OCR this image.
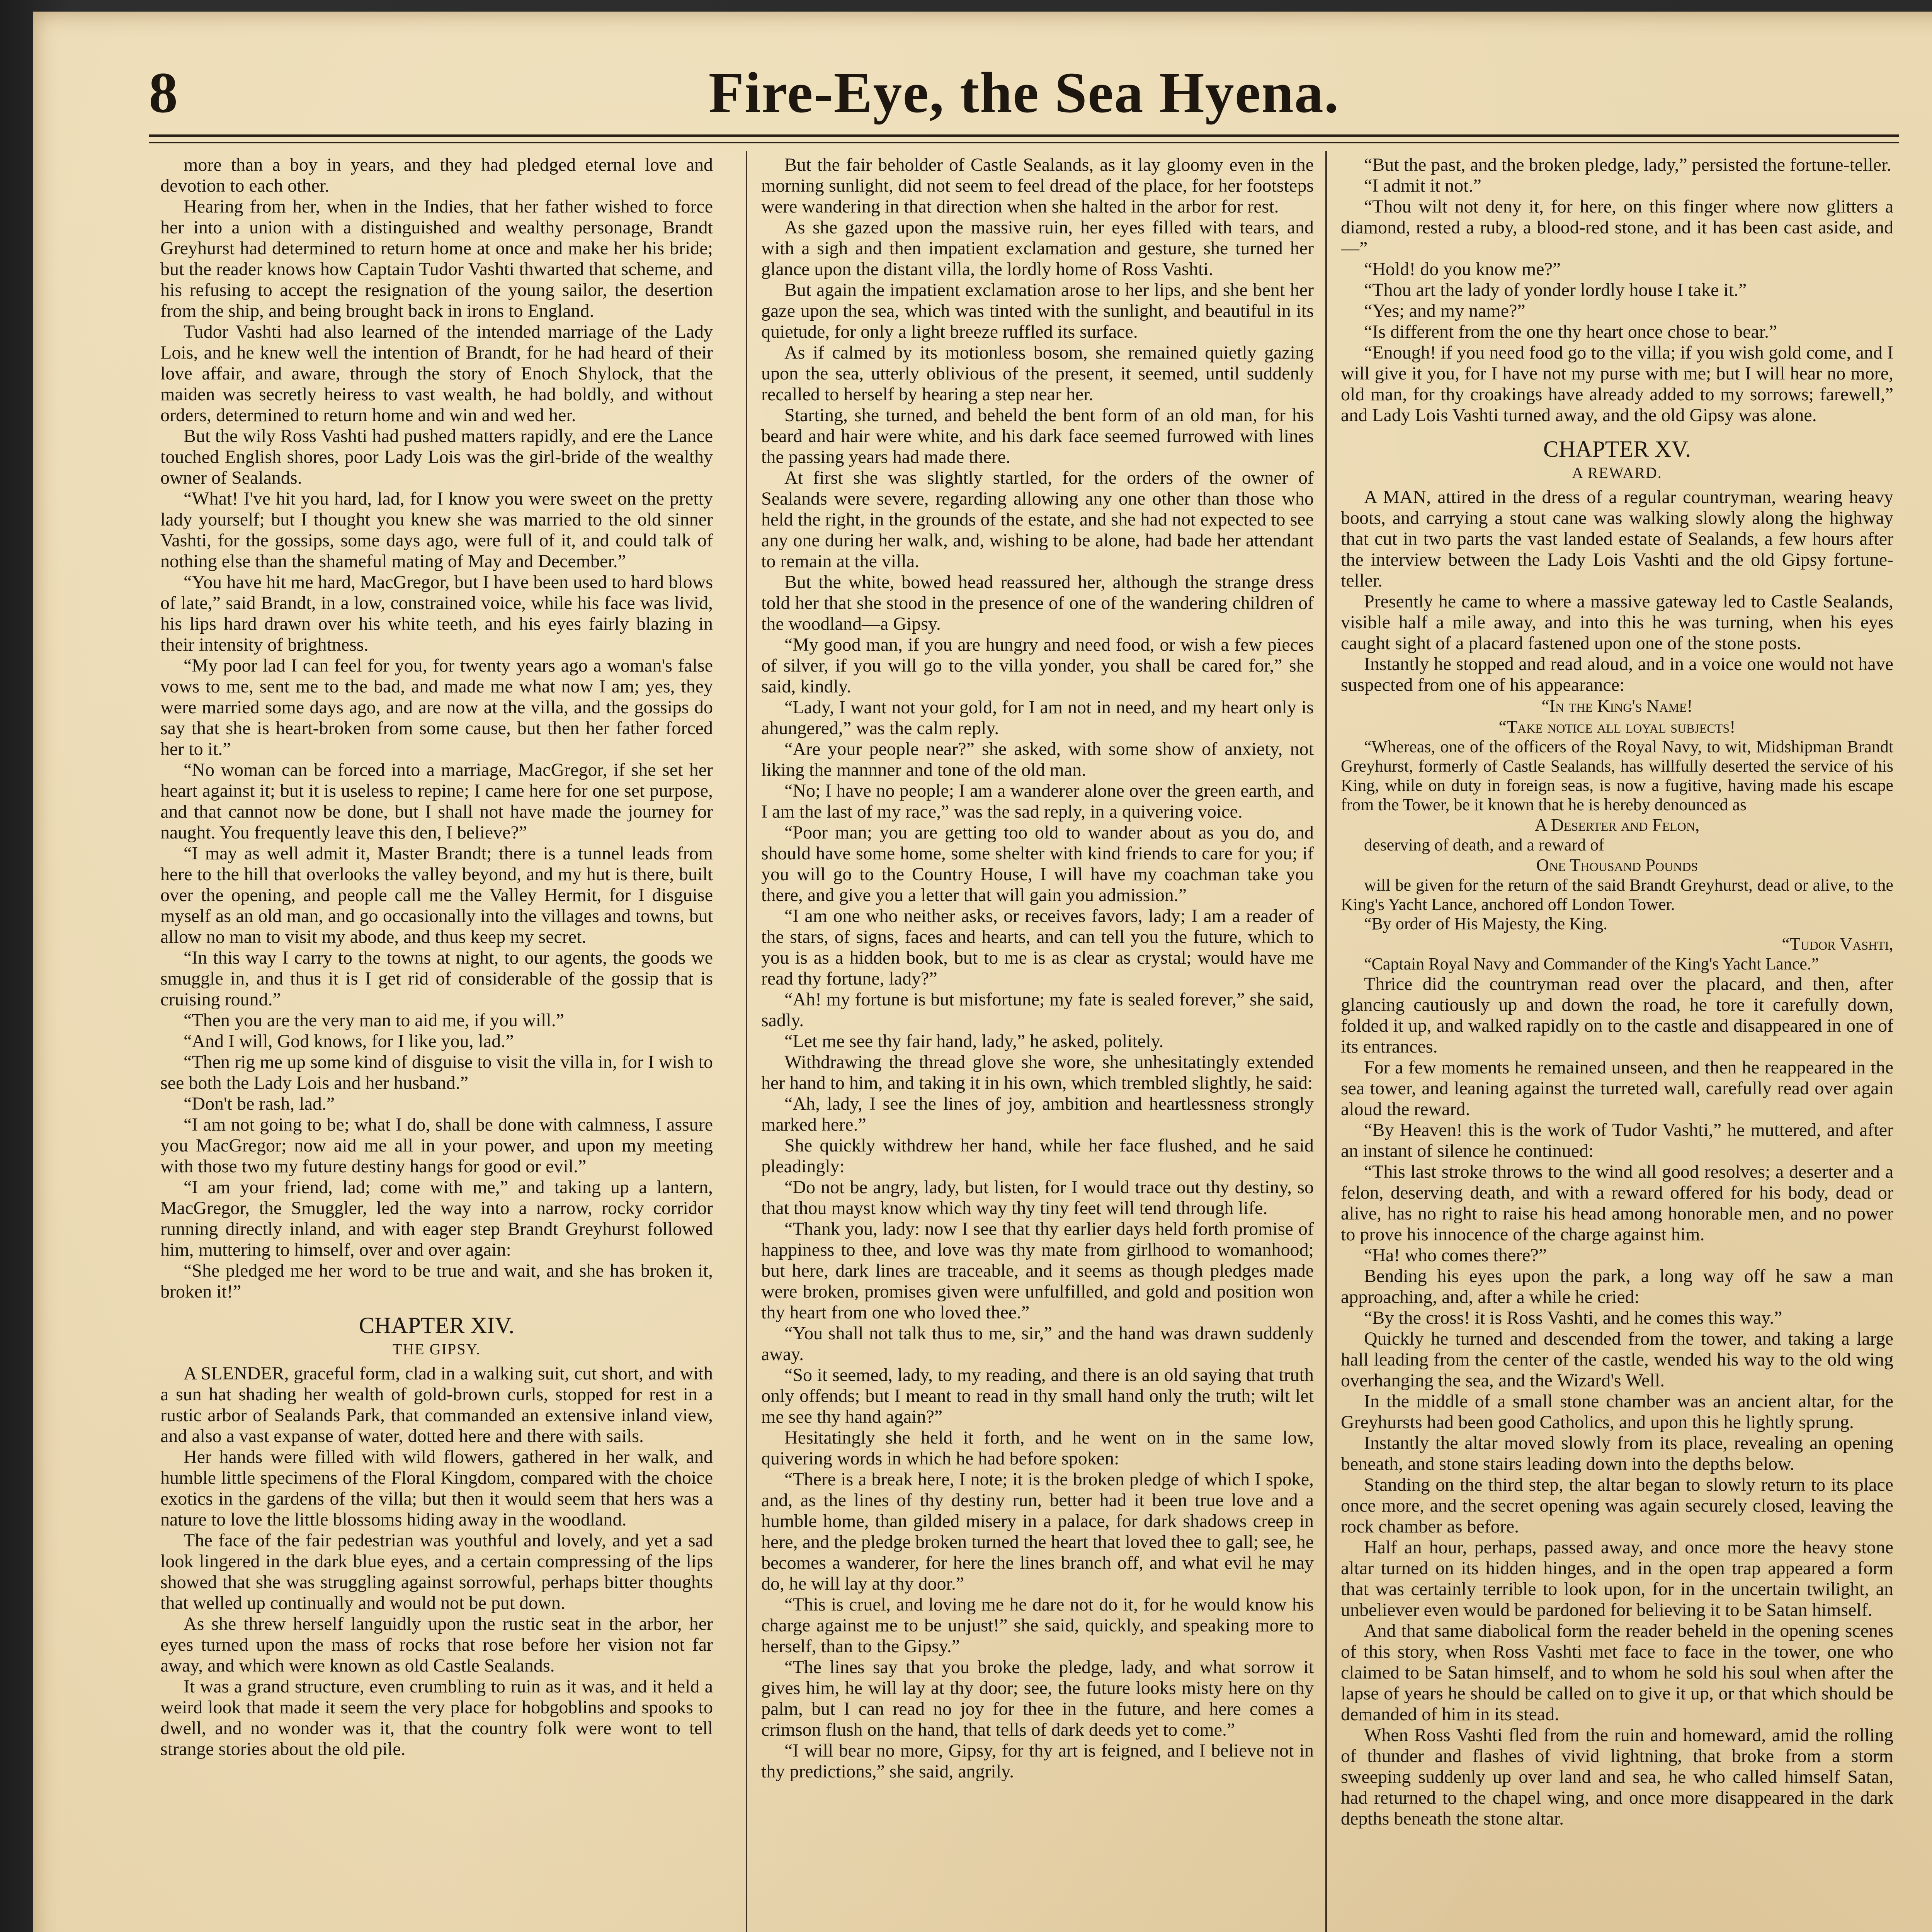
8	Fire-Eye, the Sea Hyena.

more than a boy in years, and they had pledged eternal love and devotion to each other.

Hearing from her, when in the Indies, that her father wished to force her into a union with a distinguished and wealthy personage, Brandt Greyhurst had determined to return home at once and make her his bride; but the reader knows how Captain Tudor Vashti thwarted that scheme, and his refusing to accept the resignation of the young sailor, the desertion from the ship, and being brought back in irons to England.

Tudor Vashti had also learned of the intended marriage of the Lady Lois, and he knew well the intention of Brandt, for he had heard of their love affair, and aware, through the story of Enoch Shylock, that the maiden was secretly heiress to vast wealth, he had boldly, and without orders, determined to return home and win and wed her.

But the wily Ross Vashti had pushed matters rapidly, and ere the Lance touched English shores, poor Lady Lois was the girl-bride of the wealthy owner of Sealands.

“What! I've hit you hard, lad, for I know you were sweet on the pretty lady yourself; but I thought you knew she was married to the old sinner Vashti, for the gossips, some days ago, were full of it, and could talk of nothing else than the shameful mating of May and December.”

“You have hit me hard, MacGregor, but I have been used to hard blows of late,” said Brandt, in a low, constrained voice, while his face was livid, his lips hard drawn over his white teeth, and his eyes fairly blazing in their intensity of brightness.

“My poor lad I can feel for you, for twenty years ago a woman's false vows to me, sent me to the bad, and made me what now I am; yes, they were married some days ago, and are now at the villa, and the gossips do say that she is heart-broken from some cause, but then her father forced her to it.”

“No woman can be forced into a marriage, MacGregor, if she set her heart against it; but it is useless to repine; I came here for one set purpose, and that cannot now be done, but I shall not have made the journey for naught. You frequently leave this den, I believe?”

“I may as well admit it, Master Brandt; there is a tunnel leads from here to the hill that overlooks the valley beyond, and my hut is there, built over the opening, and people call me the Valley Hermit, for I disguise myself as an old man, and go occasionally into the villages and towns, but allow no man to visit my abode, and thus keep my secret.

“In this way I carry to the towns at night, to our agents, the goods we smuggle in, and thus it is I get rid of considerable of the gossip that is cruising round.”

“Then you are the very man to aid me, if you will.”

“And I will, God knows, for I like you, lad.”

“Then rig me up some kind of disguise to visit the villa in, for I wish to see both the Lady Lois and her husband.”

“Don't be rash, lad.”

“I am not going to be; what I do, shall be done with calmness, I assure you MacGregor; now aid me all in your power, and upon my meeting with those two my future destiny hangs for good or evil.”

“I am your friend, lad; come with me,” and taking up a lantern, MacGregor, the Smuggler, led the way into a narrow, rocky corridor running directly inland, and with eager step Brandt Greyhurst followed him, muttering to himself, over and over again:

“She pledged me her word to be true and wait, and she has broken it, broken it!”

CHAPTER XIV.

THE GIPSY.

A SLENDER, graceful form, clad in a walking suit, cut short, and with a sun hat shading her wealth of gold-brown curls, stopped for rest in a rustic arbor of Sealands Park, that commanded an extensive inland view, and also a vast expanse of water, dotted here and there with sails.

Her hands were filled with wild flowers, gathered in her walk, and humble little specimens of the Floral Kingdom, compared with the choice exotics in the gardens of the villa; but then it would seem that hers was a nature to love the little blossoms hiding away in the woodland.

The face of the fair pedestrian was youthful and lovely, and yet a sad look lingered in the dark blue eyes, and a certain compressing of the lips showed that she was struggling against sorrowful, perhaps bitter thoughts that welled up continually and would not be put down.

As she threw herself languidly upon the rustic seat in the arbor, her eyes turned upon the mass of rocks that rose before her vision not far away, and which were known as old Castle Sealands.

It was a grand structure, even crumbling to ruin as it was, and it held a weird look that made it seem the very place for hobgoblins and spooks to dwell, and no wonder was it, that the country folk were wont to tell strange stories about the old pile.

But the fair beholder of Castle Sealands, as it lay gloomy even in the morning sunlight, did not seem to feel dread of the place, for her footsteps were wandering in that direction when she halted in the arbor for rest.

As she gazed upon the massive ruin, her eyes filled with tears, and with a sigh and then impatient exclamation and gesture, she turned her glance upon the distant villa, the lordly home of Ross Vashti.

But again the impatient exclamation arose to her lips, and she bent her gaze upon the sea, which was tinted with the sunlight, and beautiful in its quietude, for only a light breeze ruffled its surface.

As if calmed by its motionless bosom, she remained quietly gazing upon the sea, utterly oblivious of the present, it seemed, until suddenly recalled to herself by hearing a step near her.

Starting, she turned, and beheld the bent form of an old man, for his beard and hair were white, and his dark face seemed furrowed with lines the passing years had made there.

At first she was slightly startled, for the orders of the owner of Sealands were severe, regarding allowing any one other than those who held the right, in the grounds of the estate, and she had not expected to see any one during her walk, and, wishing to be alone, had bade her attendant to remain at the villa.

But the white, bowed head reassured her, although the strange dress told her that she stood in the presence of one of the wandering children of the woodland—a Gipsy.

“My good man, if you are hungry and need food, or wish a few pieces of silver, if you will go to the villa yonder, you shall be cared for,” she said, kindly.

“Lady, I want not your gold, for I am not in need, and my heart only is ahungered,” was the calm reply.

“Are your people near?” she asked, with some show of anxiety, not liking the mannner and tone of the old man.

“No; I have no people; I am a wanderer alone over the green earth, and I am the last of my race,” was the sad reply, in a quivering voice.

“Poor man; you are getting too old to wander about as you do, and should have some home, some shelter with kind friends to care for you; if you will go to the Country House, I will have my coachman take you there, and give you a letter that will gain you admission.”

“I am one who neither asks, or receives favors, lady; I am a reader of the stars, of signs, faces and hearts, and can tell you the future, which to you is as a hidden book, but to me is as clear as crystal; would have me read thy fortune, lady?”

“Ah! my fortune is but misfortune; my fate is sealed forever,” she said, sadly.

“Let me see thy fair hand, lady,” he asked, politely.

Withdrawing the thread glove she wore, she unhesitatingly extended her hand to him, and taking it in his own, which trembled slightly, he said:

“Ah, lady, I see the lines of joy, ambition and heartlessness strongly marked here.”

She quickly withdrew her hand, while her face flushed, and he said pleadingly:

“Do not be angry, lady, but listen, for I would trace out thy destiny, so that thou mayst know which way thy tiny feet will tend through life.

“Thank you, lady: now I see that thy earlier days held forth promise of happiness to thee, and love was thy mate from girlhood to womanhood; but here, dark lines are traceable, and it seems as though pledges made were broken, promises given were unfulfilled, and gold and position won thy heart from one who loved thee.”

“You shall not talk thus to me, sir,” and the hand was drawn suddenly away.

“So it seemed, lady, to my reading, and there is an old saying that truth only offends; but I meant to read in thy small hand only the truth; wilt let me see thy hand again?”

Hesitatingly she held it forth, and he went on in the same low, quivering words in which he had before spoken:

“There is a break here, I note; it is the broken pledge of which I spoke, and, as the lines of thy destiny run, better had it been true love and a humble home, than gilded misery in a palace, for dark shadows creep in here, and the pledge broken turned the heart that loved thee to gall; see, he becomes a wanderer, for here the lines branch off, and what evil he may do, he will lay at thy door.”

“This is cruel, and loving me he dare not do it, for he would know his charge against me to be unjust!” she said, quickly, and speaking more to herself, than to the Gipsy.”

“The lines say that you broke the pledge, lady, and what sorrow it gives him, he will lay at thy door; see, the future looks misty here on thy palm, but I can read no joy for thee in the future, and here comes a crimson flush on the hand, that tells of dark deeds yet to come.”

“I will bear no more, Gipsy, for thy art is feigned, and I believe not in thy predictions,” she said, angrily.

“But the past, and the broken pledge, lady,” persisted the fortune-teller.

“I admit it not.”

“Thou wilt not deny it, for here, on this finger where now glitters a diamond, rested a ruby, a blood-red stone, and it has been cast aside, and—”

“Hold! do you know me?”

“Thou art the lady of yonder lordly house I take it.”

“Yes; and my name?”

“Is different from the one thy heart once chose to bear.”

“Enough! if you need food go to the villa; if you wish gold come, and I will give it you, for I have not my purse with me; but I will hear no more, old man, for thy croakings have already added to my sorrows; farewell,” and Lady Lois Vashti turned away, and the old Gipsy was alone.

CHAPTER XV.

A REWARD.

A MAN, attired in the dress of a regular countryman, wearing heavy boots, and carrying a stout cane was walking slowly along the highway that cut in two parts the vast landed estate of Sealands, a few hours after the interview between the Lady Lois Vashti and the old Gipsy fortune-teller.

Presently he came to where a massive gateway led to Castle Sealands, visible half a mile away, and into this he was turning, when his eyes caught sight of a placard fastened upon one of the stone posts.

Instantly he stopped and read aloud, and in a voice one would not have suspected from one of his appearance:

“In the King's Name!

“Take notice all loyal subjects!

“Whereas, one of the officers of the Royal Navy, to wit, Midshipman Brandt Greyhurst, formerly of Castle Sealands, has willfully deserted the service of his King, while on duty in foreign seas, is now a fugitive, having made his escape from the Tower, be it known that he is hereby denounced as

A Deserter and Felon,

deserving of death, and a reward of

One Thousand Pounds

will be given for the return of the said Brandt Greyhurst, dead or alive, to the King's Yacht Lance, anchored off London Tower.

“By order of His Majesty, the King.

“Tudor Vashti,

“Captain Royal Navy and Commander of the King's Yacht Lance.”

Thrice did the countryman read over the placard, and then, after glancing cautiously up and down the road, he tore it carefully down, folded it up, and walked rapidly on to the castle and disappeared in one of its entrances.

For a few moments he remained unseen, and then he reappeared in the sea tower, and leaning against the turreted wall, carefully read over again aloud the reward.

“By Heaven! this is the work of Tudor Vashti,” he muttered, and after an instant of silence he continued:

“This last stroke throws to the wind all good resolves; a deserter and a felon, deserving death, and with a reward offered for his body, dead or alive, has no right to raise his head among honorable men, and no power to prove his innocence of the charge against him.

“Ha! who comes there?”

Bending his eyes upon the park, a long way off he saw a man approaching, and, after a while he cried:

“By the cross! it is Ross Vashti, and he comes this way.”

Quickly he turned and descended from the tower, and taking a large hall leading from the center of the castle, wended his way to the old wing overhanging the sea, and the Wizard's Well.

In the middle of a small stone chamber was an ancient altar, for the Greyhursts had been good Catholics, and upon this he lightly sprung.

Instantly the altar moved slowly from its place, revealing an opening beneath, and stone stairs leading down into the depths below.

Standing on the third step, the altar began to slowly return to its place once more, and the secret opening was again securely closed, leaving the rock chamber as before.

Half an hour, perhaps, passed away, and once more the heavy stone altar turned on its hidden hinges, and in the open trap appeared a form that was certainly terrible to look upon, for in the uncertain twilight, an unbeliever even would be pardoned for believing it to be Satan himself.

And that same diabolical form the reader beheld in the opening scenes of this story, when Ross Vashti met face to face in the tower, one who claimed to be Satan himself, and to whom he sold his soul when after the lapse of years he should be called on to give it up, or that which should be demanded of him in its stead.

When Ross Vashti fled from the ruin and homeward, amid the rolling of thunder and flashes of vivid lightning, that broke from a storm sweeping suddenly up over land and sea, he who called himself Satan, had returned to the chapel wing, and once more disappeared in the dark depths beneath the stone altar.
